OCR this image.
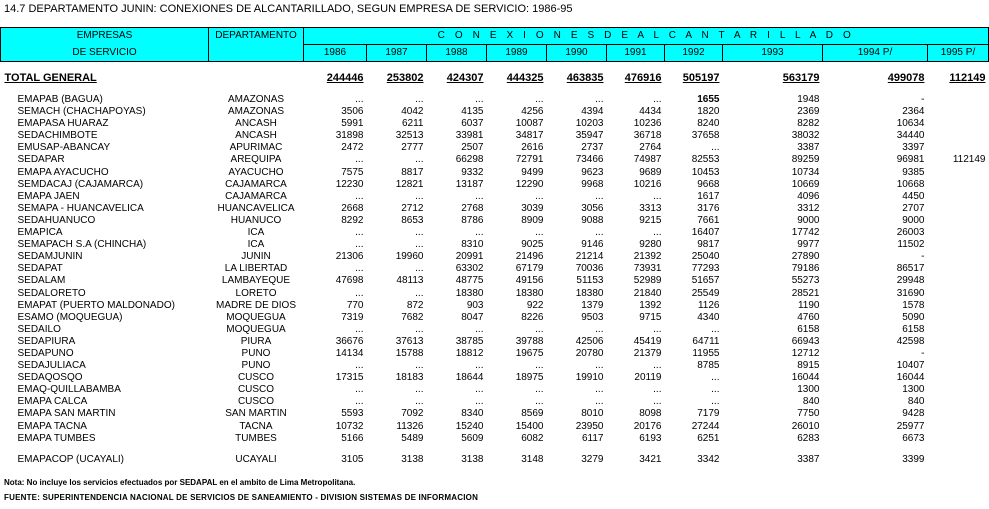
14.7 DEPARTAMENTO JUNIN: CONEXIONES DE ALCANTARILLADO, SEGUN EMPRESA DE SERVICIO: 1986-95
EMPRESAS	DEPARTAMENTO	C O N E X I O N E S D E A L C A N T A R I L L A D O									
DE SERVICIO		1986	1987	1988	1989	1990	1991	1992	1993	1994 P/	1995 P/

TOTAL GENERAL		244446	253802	424307	444325	463835	476916	505197	563179	499078	112149

EMAPAB (BAGUA)	AMAZONAS	...	...	...	...	...	...	1655	1948	-	
SEMACH (CHACHAPOYAS)	AMAZONAS	3506	4042	4135	4256	4394	4434	1820	2369	2364	
EMAPASA HUARAZ	ANCASH	5991	6211	6037	10087	10203	10236	8240	8282	10634	
SEDACHIMBOTE	ANCASH	31898	32513	33981	34817	35947	36718	37658	38032	34440	
EMUSAP-ABANCAY	APURIMAC	2472	2777	2507	2616	2737	2764	...	3387	3397	
SEDAPAR	AREQUIPA	...	...	66298	72791	73466	74987	82553	89259	96981	112149
EMAPA AYACUCHO	AYACUCHO	7575	8817	9332	9499	9623	9689	10453	10734	9385	
SEMDACAJ (CAJAMARCA)	CAJAMARCA	12230	12821	13187	12290	9968	10216	9668	10669	10668	
EMAPA JAEN	CAJAMARCA	...	...	...	...	...	...	1617	4096	4450	
SEMAPA - HUANCAVELICA	HUANCAVELICA	2668	2712	2768	3039	3056	3313	3176	3312	2707	
SEDAHUANUCO	HUANUCO	8292	8653	8786	8909	9088	9215	7661	9000	9000	
EMAPICA	ICA	...	...	...	...	...	...	16407	17742	26003	
SEMAPACH S.A (CHINCHA)	ICA	...	...	8310	9025	9146	9280	9817	9977	11502	
SEDAMJUNIN	JUNIN	21306	19960	20991	21496	21214	21392	25040	27890	-	
SEDAPAT	LA LIBERTAD	...	...	63302	67179	70036	73931	77293	79186	86517	
SEDALAM	LAMBAYEQUE	47698	48113	48775	49156	51153	52989	51657	55273	29948	
SEDALORETO	LORETO	...	...	18380	18380	18380	21840	25549	28521	31690	
EMAPAT (PUERTO MALDONADO)	MADRE DE DIOS	770	872	903	922	1379	1392	1126	1190	1578	
ESAMO (MOQUEGUA)	MOQUEGUA	7319	7682	8047	8226	9503	9715	4340	4760	5090	
SEDAILO	MOQUEGUA	...	...	...	...	...	...	...	6158	6158	
SEDAPIURA	PIURA	36676	37613	38785	39788	42506	45419	64711	66943	42598	
SEDAPUNO	PUNO	14134	15788	18812	19675	20780	21379	11955	12712	-	
SEDAJULIACA	PUNO	...	...	...	...	...	...	8785	8915	10407	
SEDAQOSQO	CUSCO	17315	18183	18644	18975	19910	20119	...	16044	16044	
EMAQ-QUILLABAMBA	CUSCO	...	...	...	...	...	...	...	1300	1300	
EMAPA CALCA	CUSCO	...	...	...	...	...	...	...	840	840	
EMAPA SAN MARTIN	SAN MARTIN	5593	7092	8340	8569	8010	8098	7179	7750	9428	
EMAPA TACNA	TACNA	10732	11326	15240	15400	23950	20176	27244	26010	25977	
EMAPA TUMBES	TUMBES	5166	5489	5609	6082	6117	6193	6251	6283	6673	

EMAPACOP (UCAYALI)	UCAYALI	3105	3138	3138	3148	3279	3421	3342	3387	3399	
Nota: No incluye los servicios efectuados por SEDAPAL en el ambito de Lima Metropolitana.
FUENTE: SUPERINTENDENCIA NACIONAL DE SERVICIOS DE SANEAMIENTO - DIVISION SISTEMAS DE INFORMACION
